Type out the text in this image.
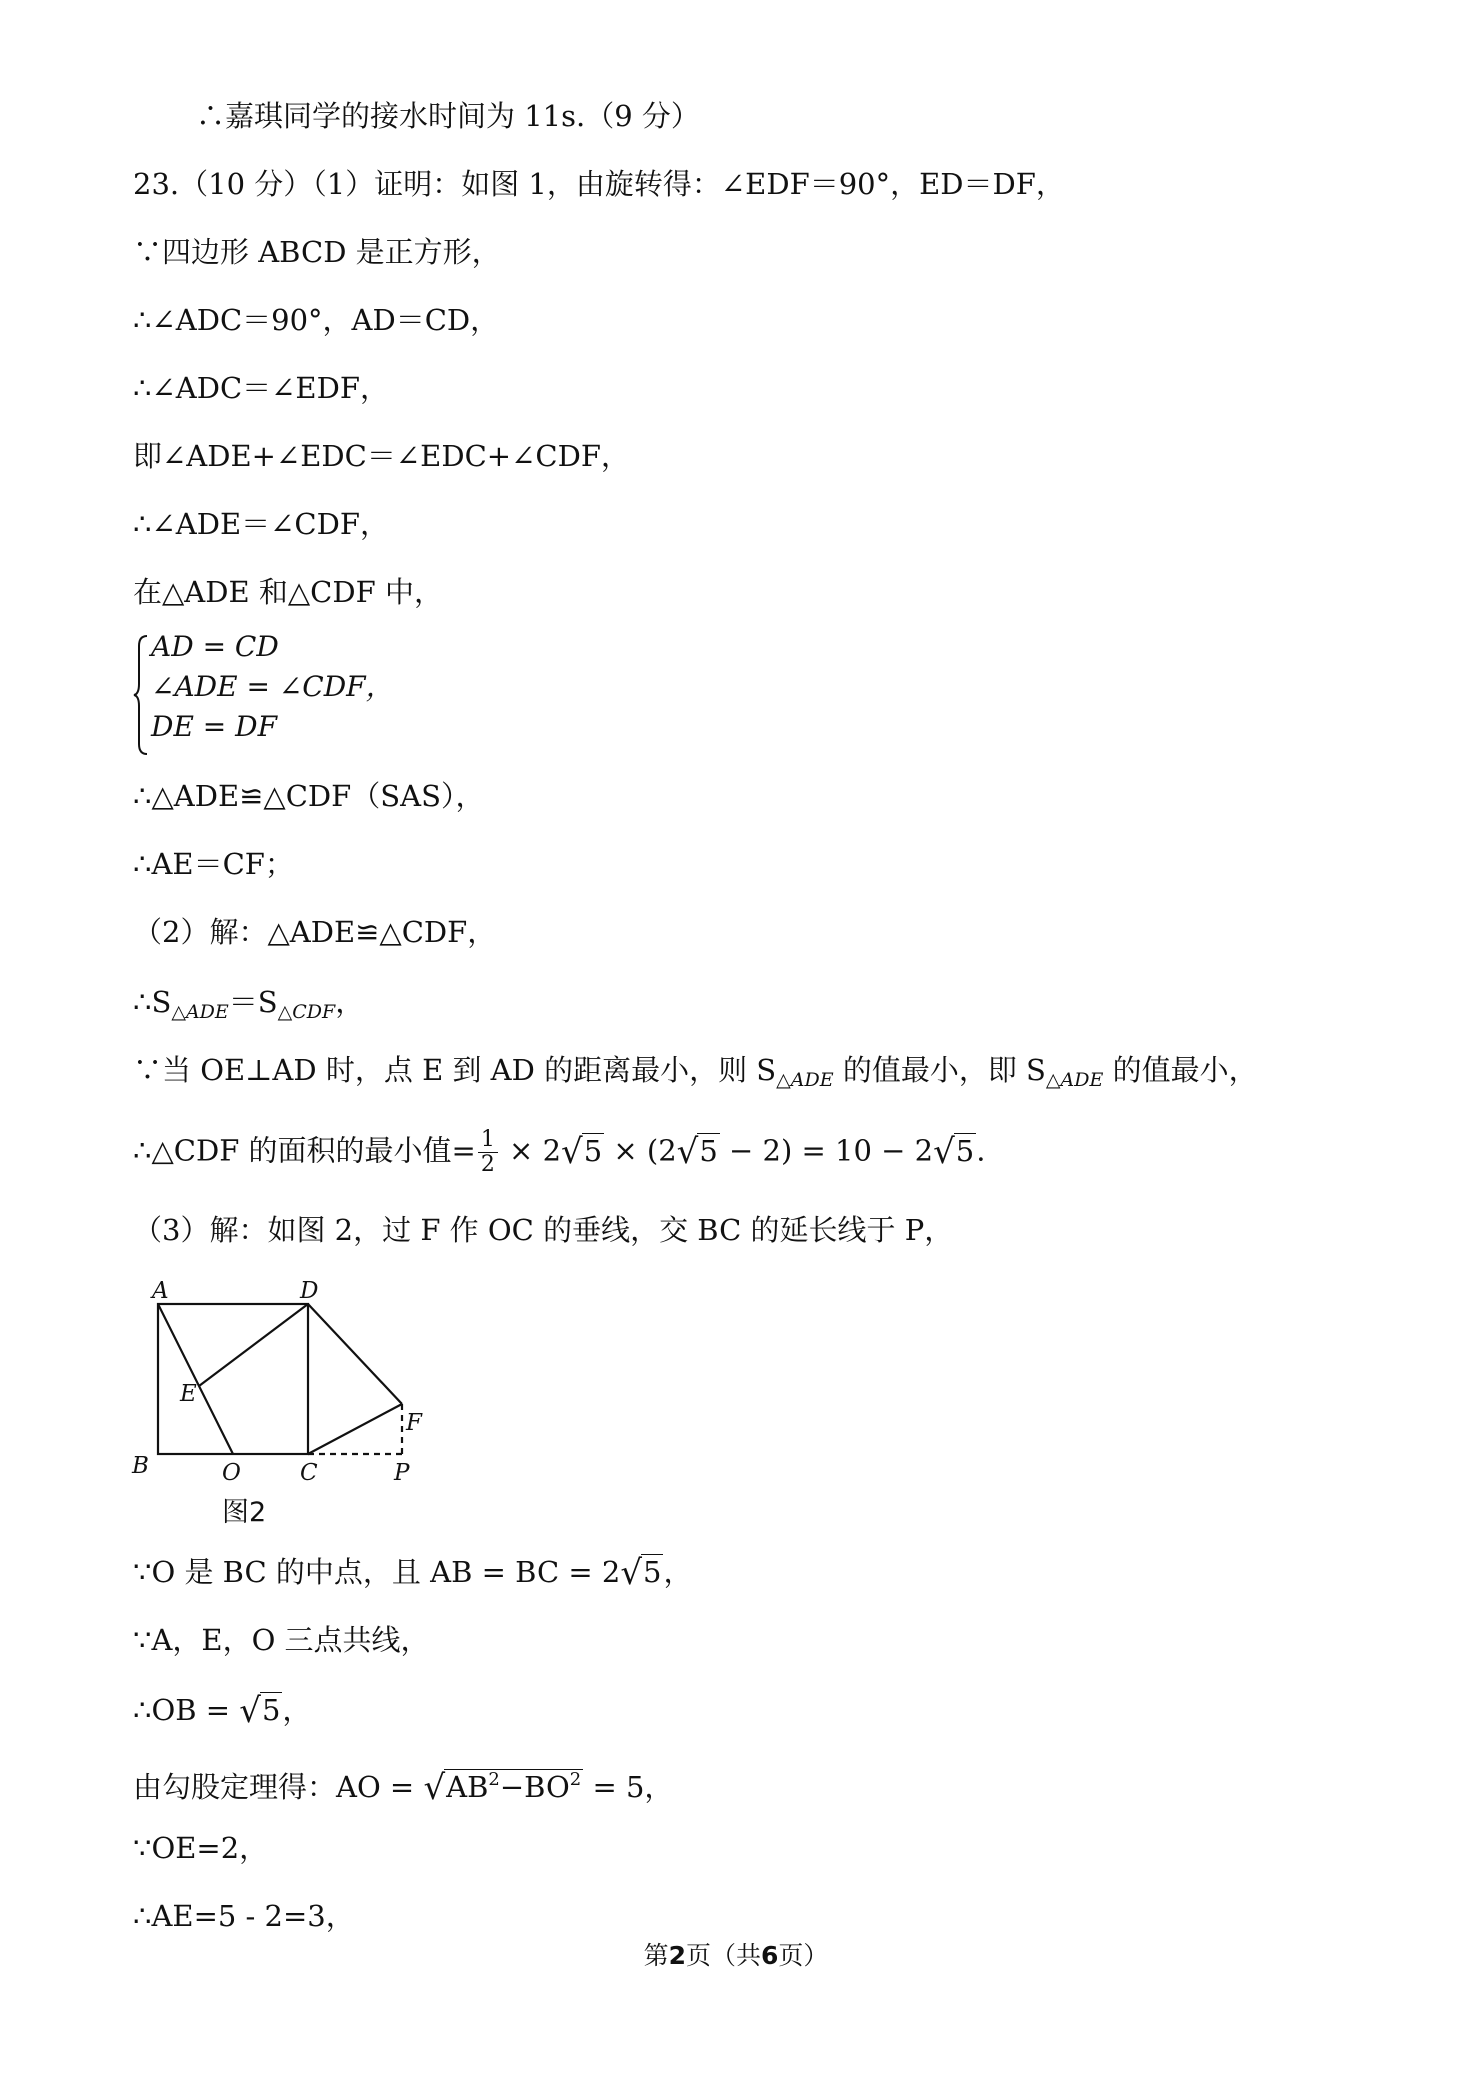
∴嘉琪同学的接水时间为 11s.（9 分）
23.（10 分）（1）证明：如图 1，由旋转得：∠EDF＝90°，ED＝DF，
∵四边形 ABCD 是正方形，
∴∠ADC＝90°，AD＝CD，
∴∠ADC＝∠EDF，
即∠ADE+∠EDC＝∠EDC+∠CDF，
∴∠ADE＝∠CDF，
在△ADE 和△CDF 中，
AD = CD
∠ADE = ∠CDF，
DE = DF
∴△ADE≌△CDF（SAS），
∴AE＝CF；
（2）解：△ADE≌△CDF，
$\therefore S_{\triangle ADE}=S_{\triangle CDF}$，
∵当 OE⊥AD 时，点 E 到 AD 的距离最小，则 $S_{\triangle ADE}$ 的值最小，即 $S_{\triangle ADE}$ 的值最小，
∴△CDF 的面积的最小值= $\frac{1}{2} \times 2√5 \times (2√5 - 2) = 10 - 2√5$.
（3）解：如图 2，过 F 作 OC 的垂线，交 BC 的延长线于 P，
A	D
E
F
B	O	C	P
图2
∵O 是 BC 的中点，且 AB = BC = 2√5，
∵A，E，O 三点共线，
∴OB = √5，
由勾股定理得：AO = $√AB^2-BO^2 = 5$，
∵OE=2，
∴AE=5 - 2=3，
第2页（共6页）
